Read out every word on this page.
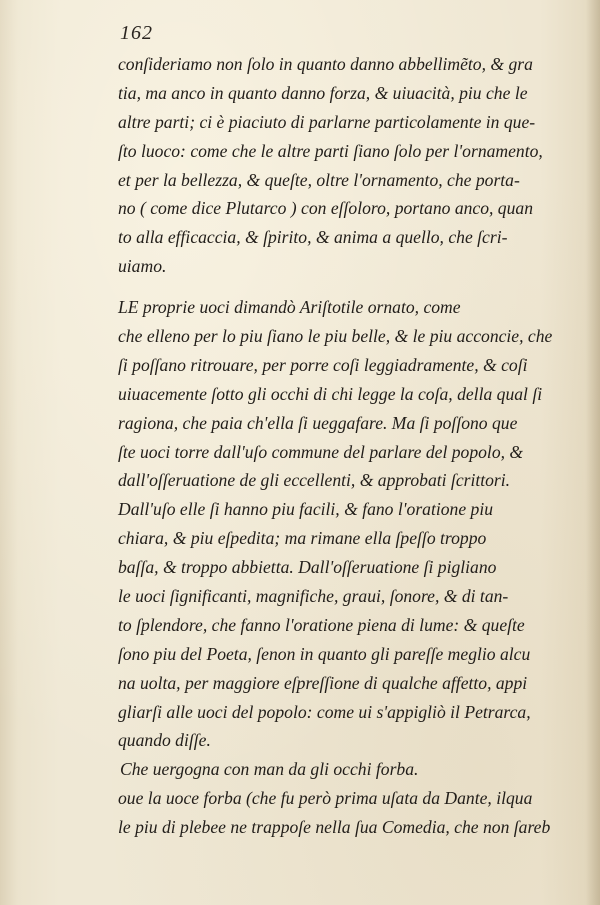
162
conſideriamo non ſolo in quanto danno abbellimẽto, & gra
tia, ma anco in quanto danno forza, & uiuacità, piu che le
altre parti; ci è piaciuto di parlarne particolamente in que-
ſto luoco: come che le altre parti ſiano ſolo per l'ornamento,
et per la bellezza, & queſte, oltre l'ornamento, che porta-
no ( come dice Plutarco ) con eſſoloro, portano anco, quan
to alla efficaccia, & ſpirito, & anima a quello, che ſcri-
uiamo.
LE proprie uoci dimandò Ariſtotile ornato, come
che elleno per lo piu ſiano le piu belle, & le piu acconcie, che
ſi poſſano ritrouare, per porre coſi leggiadramente, & coſi
uiuacemente ſotto gli occhi di chi legge la coſa, della qual ſi
ragiona, che paia ch'ella ſi ueggafare. Ma ſi poſſono que
ſte uoci torre dall'uſo commune del parlare del popolo, &
dall'oſſeruatione de gli eccellenti, & approbati ſcrittori.
Dall'uſo elle ſi hanno piu facili, & fano l'oratione piu
chiara, & piu eſpedita; ma rimane ella ſpeſſo troppo
baſſa, & troppo abbietta. Dall'oſſeruatione ſi pigliano
le uoci ſignificanti, magnifiche, graui, ſonore, & di tan-
to ſplendore, che fanno l'oratione piena di lume: & queſte
ſono piu del Poeta, ſenon in quanto gli pareſſe meglio alcu
na uolta, per maggiore eſpreſſione di qualche affetto, appi
gliarſi alle uoci del popolo: come ui s'appigliò il Petrarca,
quando diſſe.
Che uergogna con man da gli occhi forba.
oue la uoce forba (che fu però prima uſata da Dante, ilqua
le piu di plebee ne trappoſe nella ſua Comedia, che non ſareb
